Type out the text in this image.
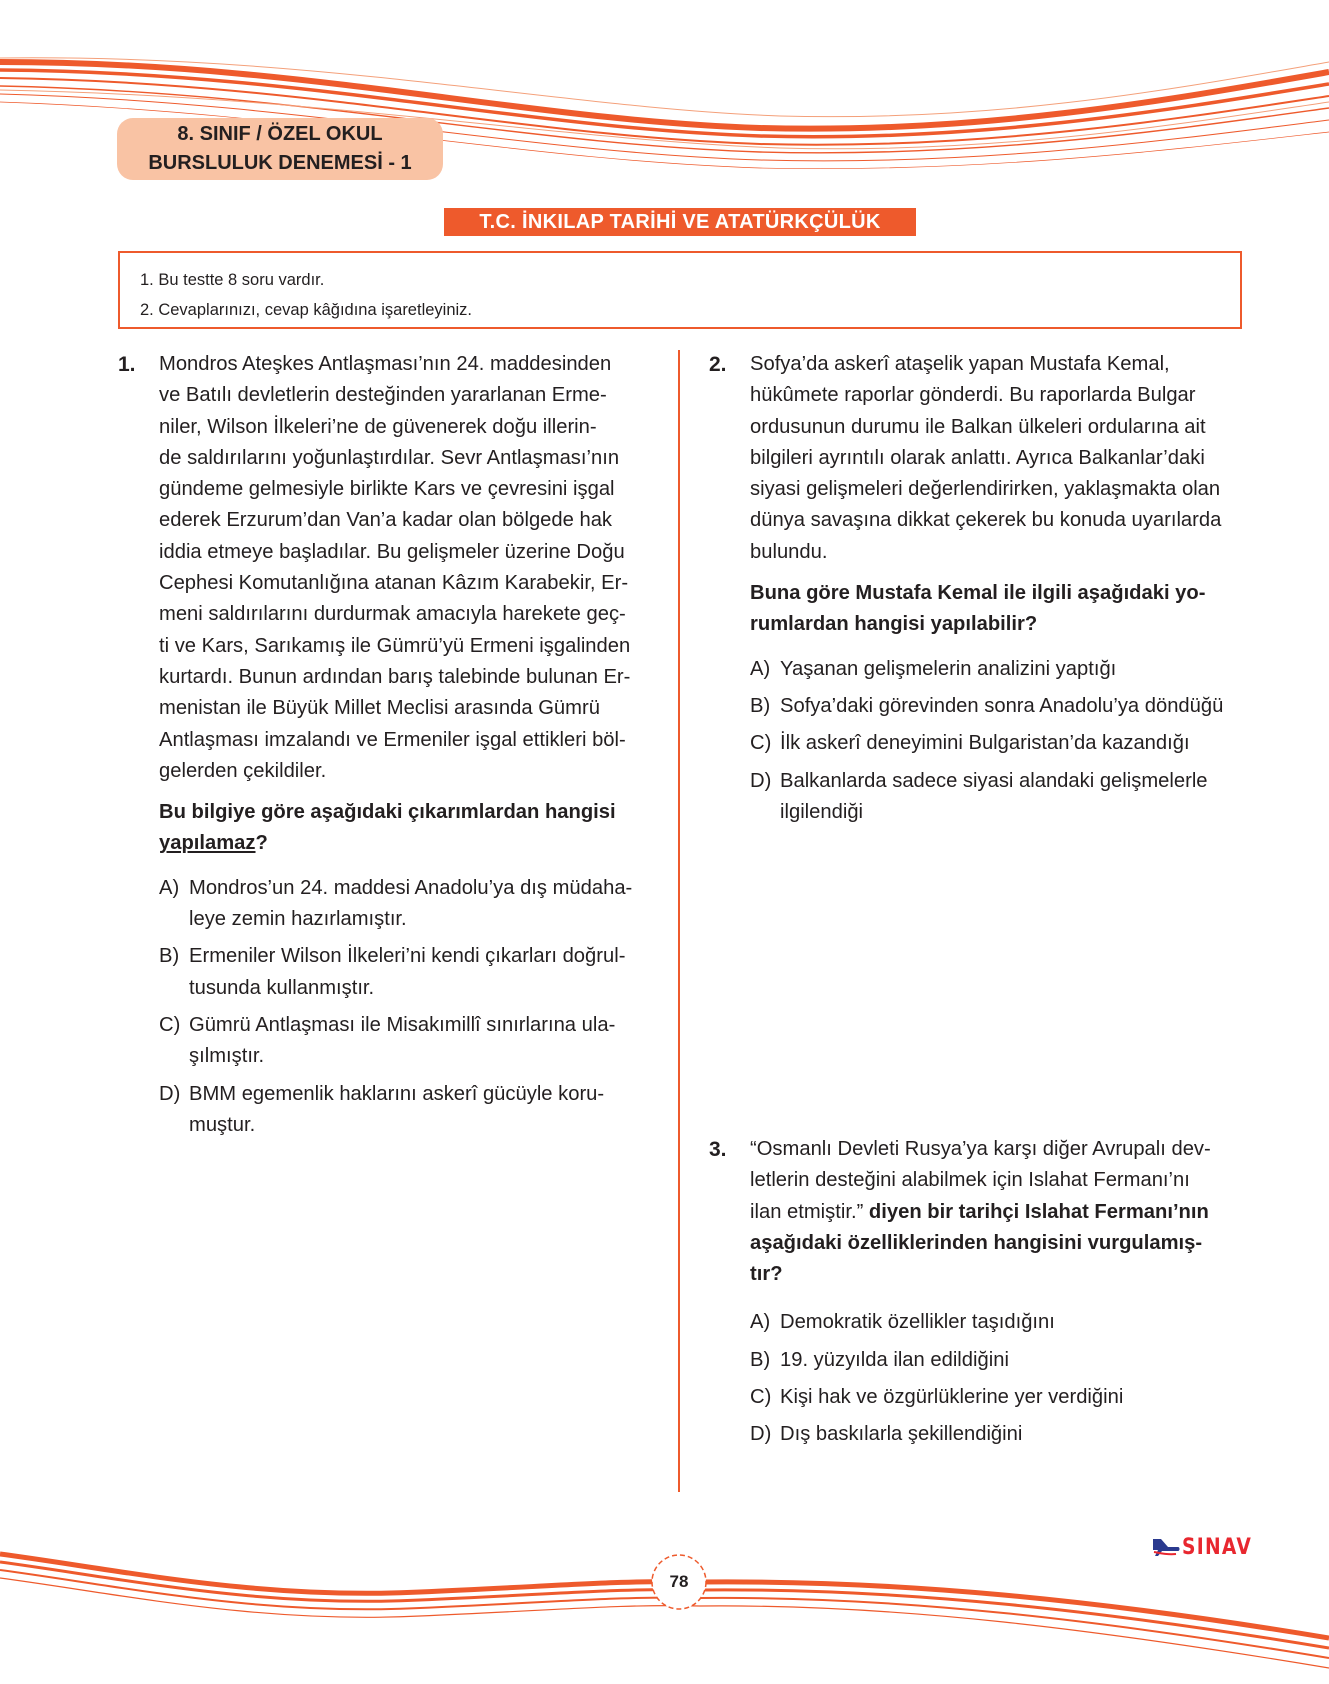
8. SINIF / ÖZEL OKUL
BURSLULUK DENEMESİ - 1
T.C. İNKILAP TARİHİ VE ATATÜRKÇÜLÜK
1. Bu testte 8 soru vardır.
2. Cevaplarınızı, cevap kâğıdına işaretleyiniz.
1. Mondros Ateşkes Antlaşması’nın 24. maddesinden

ve Batılı devletlerin desteğinden yararlanan Erme-

niler, Wilson İlkeleri’ne de güvenerek doğu illerin-

de saldırılarını yoğunlaştırdılar. Sevr Antlaşması’nın

gündeme gelmesiyle birlikte Kars ve çevresini işgal

ederek Erzurum’dan Van’a kadar olan bölgede hak

iddia etmeye başladılar. Bu gelişmeler üzerine Doğu

Cephesi Komutanlığına atanan Kâzım Karabekir, Er-

meni saldırılarını durdurmak amacıyla harekete geç-

ti ve Kars, Sarıkamış ile Gümrü’yü Ermeni işgalinden

kurtardı. Bunun ardından barış talebinde bulunan Er-

menistan ile Büyük Millet Meclisi arasında Gümrü

Antlaşması imzalandı ve Ermeniler işgal ettikleri böl-

gelerden çekildiler.

Bu bilgiye göre aşağıdaki çıkarımlardan hangisi
yapılamaz?
A) Mondros’un 24. maddesi Anadolu’ya dış müdaha-
leye zemin hazırlamıştır.
B) Ermeniler Wilson İlkeleri’ni kendi çıkarları doğrul-
tusunda kullanmıştır.
C) Gümrü Antlaşması ile Misakımillî sınırlarına ula-
şılmıştır.
D) BMM egemenlik haklarını askerî gücüyle koru-
muştur.
2. Sofya’da askerî ataşelik yapan Mustafa Kemal,

hükûmete raporlar gönderdi. Bu raporlarda Bulgar

ordusunun durumu ile Balkan ülkeleri ordularına ait

bilgileri ayrıntılı olarak anlattı. Ayrıca Balkanlar’daki

siyasi gelişmeleri değerlendirirken, yaklaşmakta olan

dünya savaşına dikkat çekerek bu konuda uyarılarda

bulundu.

Buna göre Mustafa Kemal ile ilgili aşağıdaki yo-
rumlardan hangisi yapılabilir?
A) Yaşanan gelişmelerin analizini yaptığı
B) Sofya’daki görevinden sonra Anadolu’ya döndüğü
C) İlk askerî deneyimini Bulgaristan’da kazandığı
D) Balkanlarda sadece siyasi alandaki gelişmelerle
ilgilendiği
3. “Osmanlı Devleti Rusya’ya karşı diğer Avrupalı dev-

letlerin desteğini alabilmek için Islahat Fermanı’nı

ilan etmiştir.” diyen bir tarihçi Islahat Fermanı’nın

aşağıdaki özelliklerinden hangisini vurgulamış-
tır?
A) Demokratik özellikler taşıdığını
B) 19. yüzyılda ilan edildiğini
C) Kişi hak ve özgürlüklerine yer verdiğini
D) Dış baskılarla şekillendiğini
SINAV
78
